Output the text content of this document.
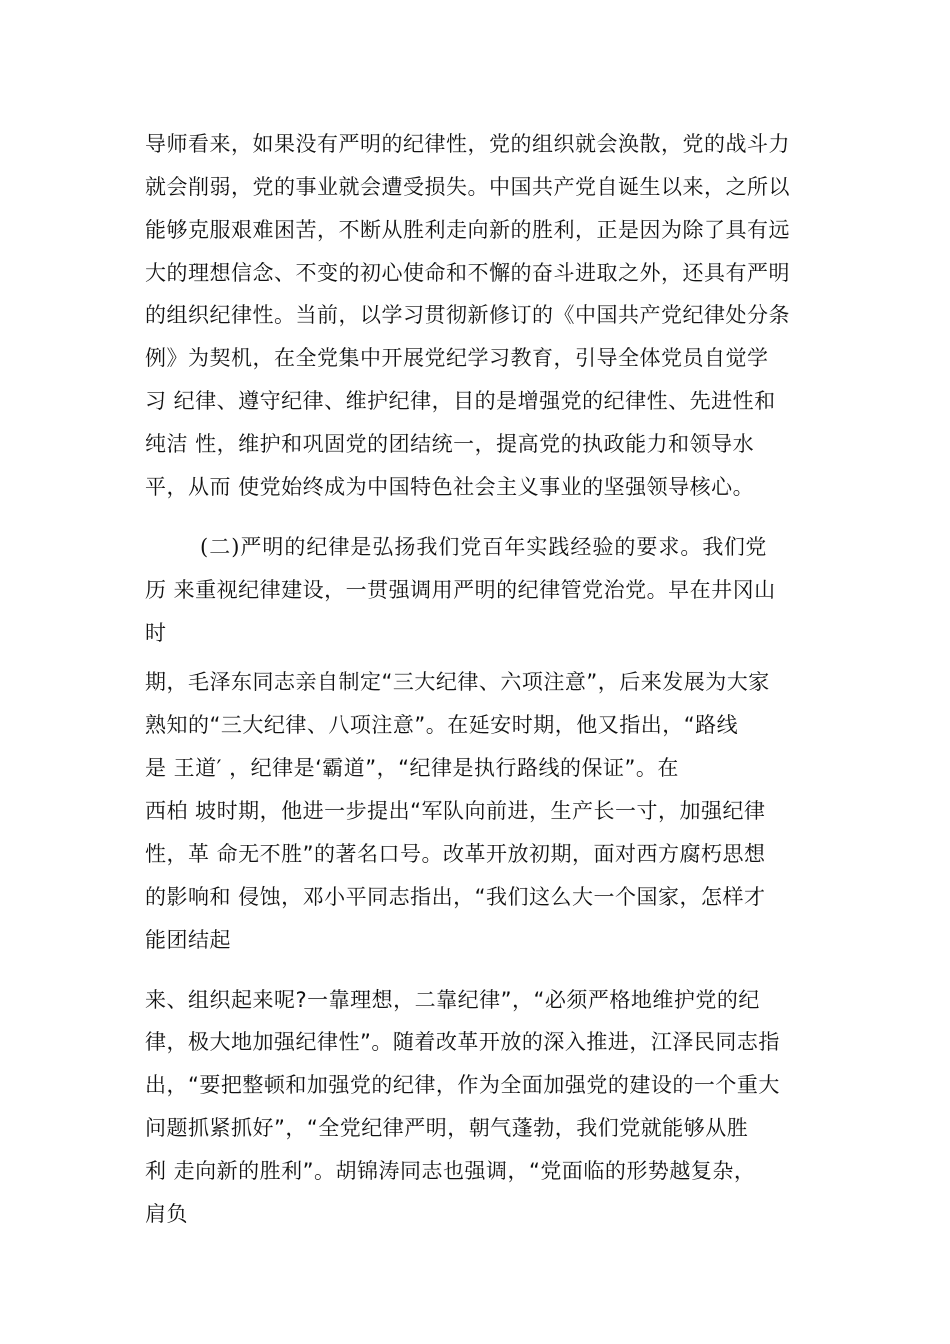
导师看来，如果没有严明的纪律性，党的组织就会涣散，党的战斗力
就会削弱，党的事业就会遭受损失。中国共产党自诞生以来，之所以
能够克服艰难困苦，不断从胜利走向新的胜利，正是因为除了具有远
大的理想信念、不变的初心使命和不懈的奋斗进取之外，还具有严明
的组织纪律性。当前，以学习贯彻新修订的《中国共产党纪律处分条
例》为契机，在全党集中开展党纪学习教育，引导全体党员自觉学
习 纪律、遵守纪律、维护纪律，目的是增强党的纪律性、先进性和
纯洁 性，维护和巩固党的团结统一，提高党的执政能力和领导水
平，从而 使党始终成为中国特色社会主义事业的坚强领导核心。
(二)严明的纪律是弘扬我们党百年实践经验的要求。我们党
历 来重视纪律建设，一贯强调用严明的纪律管党治党。早在井冈山
时
期，毛泽东同志亲自制定“三大纪律、六项注意”，后来发展为大家
熟知的“三大纪律、八项注意”。在延安时期，他又指出，“路线
是 王道′ ，纪律是‘霸道”，“纪律是执行路线的保证”。在
西柏 坡时期，他进一步提出“军队向前进，生产长一寸，加强纪律
性，革 命无不胜”的著名口号。改革开放初期，面对西方腐朽思想
的影响和 侵蚀，邓小平同志指出，“我们这么大一个国家，怎样才
能团结起
来、组织起来呢?一靠理想，二靠纪律”，“必须严格地维护党的纪
律，极大地加强纪律性”。随着改革开放的深入推进，江泽民同志指
出，“要把整顿和加强党的纪律，作为全面加强党的建设的一个重大
问题抓紧抓好”，“全党纪律严明，朝气蓬勃，我们党就能够从胜
利 走向新的胜利”。胡锦涛同志也强调，“党面临的形势越复杂，
肩负
